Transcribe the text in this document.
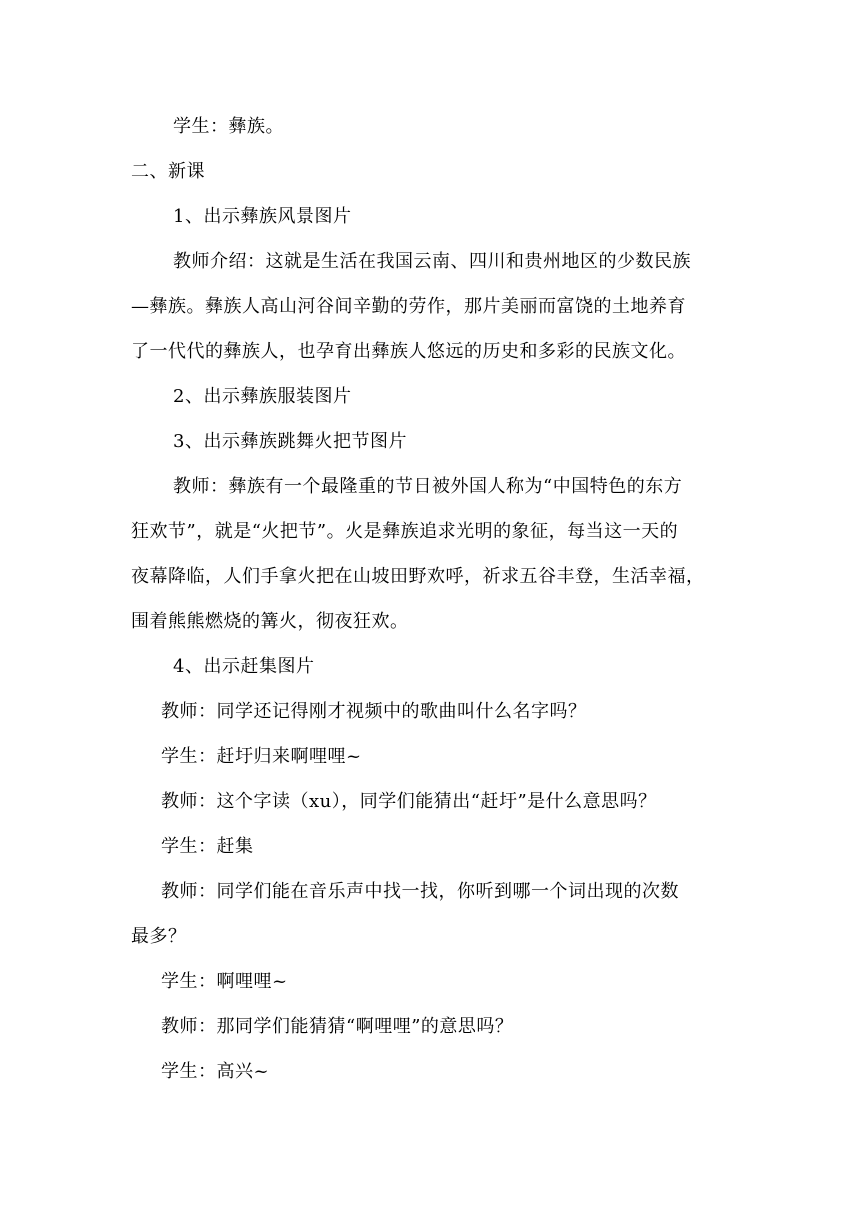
学生：彝族。
二、新课
1、出示彝族风景图片
教师介绍：这就是生活在我国云南、四川和贵州地区的少数民族
—彝族。彝族人高山河谷间辛勤的劳作，那片美丽而富饶的土地养育
了一代代的彝族人，也孕育出彝族人悠远的历史和多彩的民族文化。
2、出示彝族服装图片
3、出示彝族跳舞火把节图片
教师：彝族有一个最隆重的节日被外国人称为“中国特色的东方
狂欢节”，就是“火把节”。火是彝族追求光明的象征，每当这一天的
夜幕降临，人们手拿火把在山坡田野欢呼，祈求五谷丰登，生活幸福，
围着熊熊燃烧的篝火，彻夜狂欢。
4、出示赶集图片
教师：同学还记得刚才视频中的歌曲叫什么名字吗？
学生：赶圩归来啊哩哩~
教师：这个字读（xu），同学们能猜出“赶圩”是什么意思吗？
学生：赶集
教师：同学们能在音乐声中找一找，你听到哪一个词出现的次数
最多？
学生：啊哩哩~
教师：那同学们能猜猜“啊哩哩”的意思吗？
学生：高兴~
